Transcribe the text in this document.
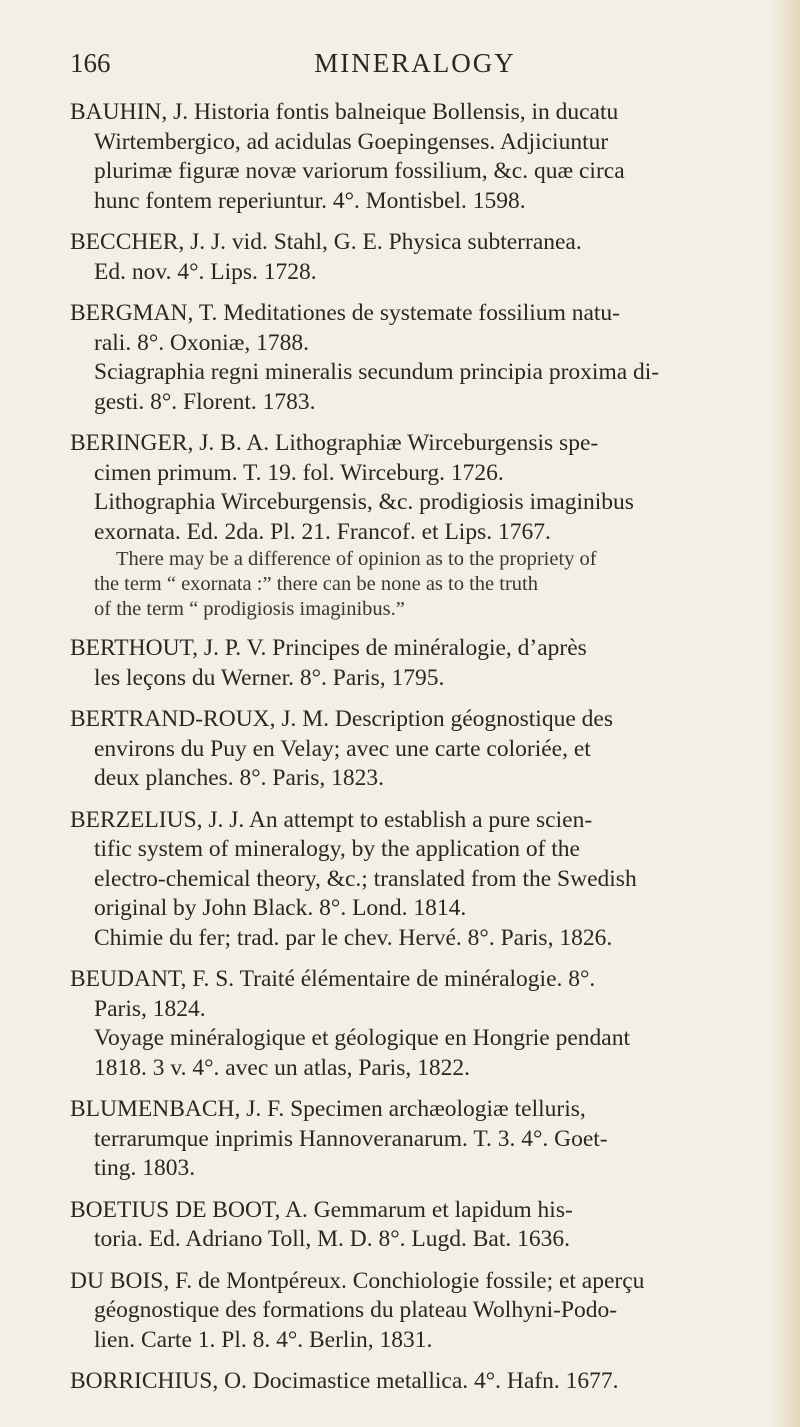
166	MINERALOGY
BAUHIN, J. Historia fontis balneique Bollensis, in ducatu
Wirtembergico, ad acidulas Goepingenses. Adjiciuntur
plurimæ figuræ novæ variorum fossilium, &c. quæ circa
hunc fontem reperiuntur. 4°. Montisbel. 1598.
BECCHER, J. J. vid. Stahl, G. E. Physica subterranea.
Ed. nov. 4°. Lips. 1728.
BERGMAN, T. Meditationes de systemate fossilium natu-
rali. 8°. Oxoniæ, 1788.
Sciagraphia regni mineralis secundum principia proxima di-
gesti. 8°. Florent. 1783.
BERINGER, J. B. A. Lithographiæ Wirceburgensis spe-
cimen primum. T. 19. fol. Wirceburg. 1726.
Lithographia Wirceburgensis, &c. prodigiosis imaginibus
exornata. Ed. 2da. Pl. 21. Francof. et Lips. 1767.
There may be a difference of opinion as to the propriety of
the term “ exornata :” there can be none as to the truth
of the term “ prodigiosis imaginibus.”
BERTHOUT, J. P. V. Principes de minéralogie, d’après
les leçons du Werner. 8°. Paris, 1795.
BERTRAND-ROUX, J. M. Description géognostique des
environs du Puy en Velay; avec une carte coloriée, et
deux planches. 8°. Paris, 1823.
BERZELIUS, J. J. An attempt to establish a pure scien-
tific system of mineralogy, by the application of the
electro-chemical theory, &c.; translated from the Swedish
original by John Black. 8°. Lond. 1814.
Chimie du fer; trad. par le chev. Hervé. 8°. Paris, 1826.
BEUDANT, F. S. Traité élémentaire de minéralogie. 8°.
Paris, 1824.
Voyage minéralogique et géologique en Hongrie pendant
1818. 3 v. 4°. avec un atlas, Paris, 1822.
BLUMENBACH, J. F. Specimen archæologiæ telluris,
terrarumque inprimis Hannoveranarum. T. 3. 4°. Goet-
ting. 1803.
BOETIUS DE BOOT, A. Gemmarum et lapidum his-
toria. Ed. Adriano Toll, M. D. 8°. Lugd. Bat. 1636.
DU BOIS, F. de Montpéreux. Conchiologie fossile; et aperçu
géognostique des formations du plateau Wolhyni-Podo-
lien. Carte 1. Pl. 8. 4°. Berlin, 1831.
BORRICHIUS, O. Docimastice metallica. 4°. Hafn. 1677.
